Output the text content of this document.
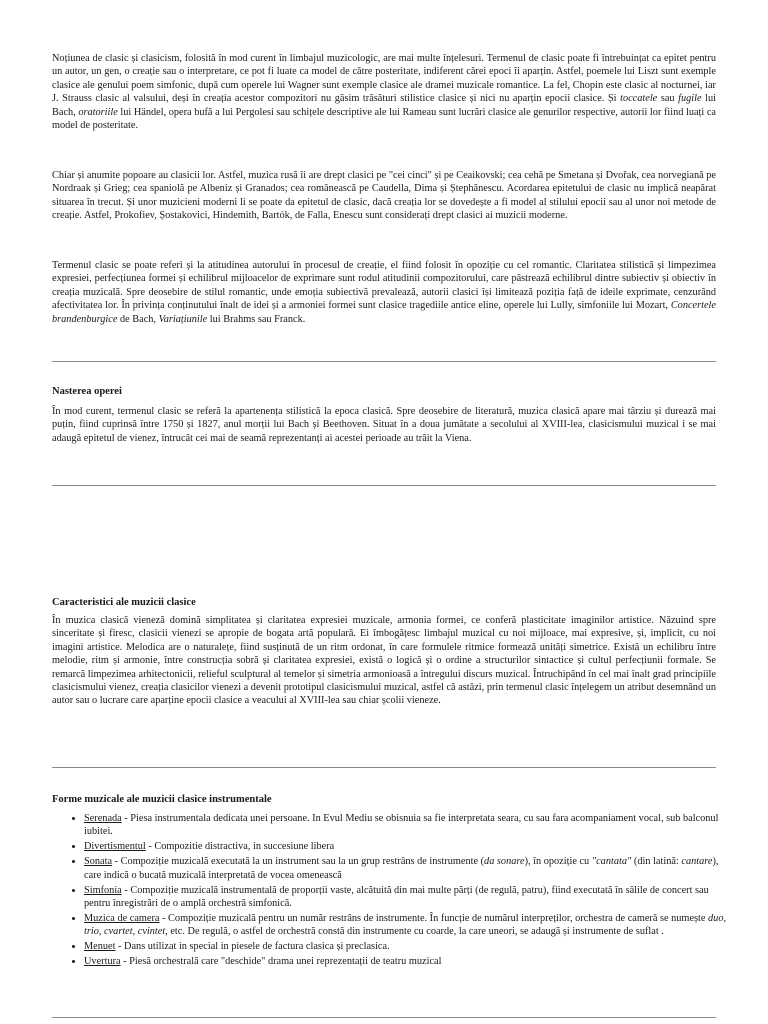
Noțiunea de clasic și clasicism, folosită în mod curent în limbajul muzicologic, are mai multe înțelesuri. Termenul de clasic poate fi întrebuințat ca epitet pentru un autor, un gen, o creație sau o interpretare, ce pot fi luate ca model de către posteritate, indiferent cărei epoci îi aparțin. Astfel, poemele lui Liszt sunt exemple clasice ale genului poem simfonic, după cum operele lui Wagner sunt exemple clasice ale dramei muzicale romantice. La fel, Chopin este clasic al nocturnei, iar J. Strauss clasic al valsului, deși în creația acestor compozitori nu găsim trăsături stilistice clasice și nici nu aparțin epocii clasice. Și toccatele sau fugile lui Bach, oratoriile lui Händel, opera bufă a lui Pergolesi sau schițele descriptive ale lui Rameau sunt lucrări clasice ale genurilor respective, autorii lor fiind luați ca model de posteritate.

Chiar și anumite popoare au clasicii lor. Astfel, muzica rusă îi are drept clasici pe "cei cinci" și pe Ceaikovski; cea cehă pe Smetana și Dvořak, cea norvegiană pe Nordraak și Grieg; cea spaniolă pe Albeniz și Granados; cea românească pe Caudella, Dima și Ștephănescu. Acordarea epitetului de clasic nu implică neapărat situarea în trecut. Și unor muzicieni moderni li se poate da epitetul de clasic, dacă creația lor se dovedește a fi model al stilului epocii sau al unor noi metode de creație. Astfel, Prokofiev, Șostakovici, Hindemith, Bartók, de Falla, Enescu sunt considerați drept clasici ai muzicii moderne.

Termenul clasic se poate referi și la atitudinea autorului în procesul de creație, el fiind folosit în opoziție cu cel romantic. Claritatea stilistică și limpezimea expresiei, perfecțiunea formei și echilibrul mijloacelor de exprimare sunt rodul atitudinii compozitorului, care păstrează echilibrul dintre subiectiv și obiectiv în creația muzicală. Spre deosebire de stilul romantic, unde emoția subiectivă prevalează, autorii clasici își limitează poziția față de ideile exprimate, cenzurând afectivitatea lor. În privința conținutului înalt de idei și a armoniei formei sunt clasice tragediile antice eline, operele lui Lully, simfoniile lui Mozart, Concertele brandenburgice de Bach, Variațiunile lui Brahms sau Franck.

Nasterea operei

În mod curent, termenul clasic se referă la apartenența stilistică la epoca clasică. Spre deosebire de literatură, muzica clasică apare mai târziu și durează mai puțin, fiind cuprinsă între 1750 și 1827, anul morții lui Bach și Beethoven. Situat în a doua jumătate a secolului al XVIII-lea, clasicismului muzical i se mai adaugă epitetul de vienez, întrucât cei mai de seamă reprezentanți ai acestei perioade au trăit la Viena.

Caracteristici ale muzicii clasice

În muzica clasică vieneză domină simplitatea și claritatea expresiei muzicale, armonia formei, ce conferă plasticitate imaginilor artistice. Năzuind spre sinceritate și firesc, clasicii vienezi se apropie de bogata artă populară. Ei îmbogățesc limbajul muzical cu noi mijloace, mai expresive, și, implicit, cu noi imagini artistice. Melodica are o naturalețe, fiind susținută de un ritm ordonat, în care formulele ritmice formează unități simetrice. Există un echilibru între melodie, ritm și armonie, între construcția sobră și claritatea expresiei, există o logică și o ordine a structurilor sintactice și cultul perfecțiunii formale. Se remarcă limpezimea arhitectonicii, relieful sculptural al temelor și simetria armonioasă a întregului discurs muzical. Întruchipând în cel mai înalt grad principiile clasicismului vienez, creația clasicilor vienezi a devenit prototipul clasicismului muzical, astfel că astăzi, prin termenul clasic înțelegem un atribut desemnând un autor sau o lucrare care aparține epocii clasice a veacului al XVIII-lea sau chiar școlii vieneze.

Forme muzicale ale muzicii clasice instrumentale
• Serenada - Piesa instrumentala dedicata unei persoane. In Evul Mediu se obisnuia sa fie interpretata seara, cu sau fara acompaniament vocal, sub balconul iubitei.
• Divertismentul - Compozitie distractiva, in succesiune libera
• Sonata - Compoziție muzicală executată la un instrument sau la un grup restrâns de instrumente (da sonare), în opoziție cu "cantata" (din latină: cantare), care indică o bucată muzicală interpretată de vocea omenească
• Simfonia - Compoziție muzicală instrumentală de proporții vaste, alcătuită din mai multe părți (de regulă, patru), fiind executată în sălile de concert sau pentru înregistrări de o amplă orchestră simfonică.
• Muzica de camera - Compoziție muzicală pentru un număr restrâns de instrumente. În funcție de numărul interpreților, orchestra de cameră se numește duo, trio, cvartet, cvintet, etc. De regulă, o astfel de orchestră constă din instrumente cu coarde, la care uneori, se adaugă și instrumente de suflat .
• Menuet - Dans utilizat in special in piesele de factura clasica și preclasica.
• Uvertura - Piesă orchestrală care "deschide" drama unei reprezentații de teatru muzical
